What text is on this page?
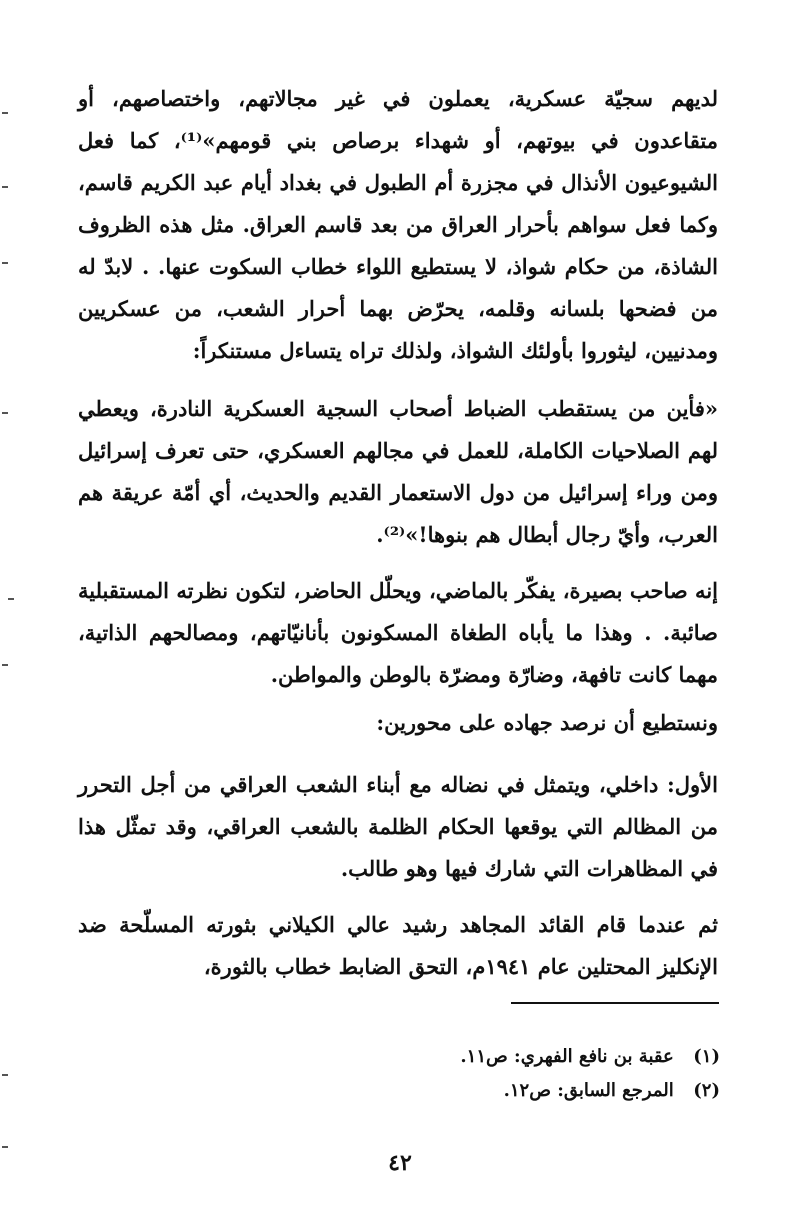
لديهم سجيّة عسكرية، يعملون في غير مجالاتهم، واختصاصهم، أو متقاعدون في بيوتهم، أو شهداء برصاص بني قومهم»⁽¹⁾، كما فعل الشيوعيون الأنذال في مجزرة أم الطبول في بغداد أيام عبد الكريم قاسم، وكما فعل سواهم بأحرار العراق من بعد قاسم العراق. مثل هذه الظروف الشاذة، من حكام شواذ، لا يستطيع اللواء خطاب السكوت عنها. . لابدّ له من فضحها بلسانه وقلمه، يحرّض بهما أحرار الشعب، من عسكريين ومدنيين، ليثوروا بأولئك الشواذ، ولذلك تراه يتساءل مستنكراً:

«فأين من يستقطب الضباط أصحاب السجية العسكرية النادرة، ويعطي لهم الصلاحيات الكاملة، للعمل في مجالهم العسكري، حتى تعرف إسرائيل ومن وراء إسرائيل من دول الاستعمار القديم والحديث، أي أمّة عريقة هم العرب، وأيّ رجال أبطال هم بنوها!»⁽²⁾.

إنه صاحب بصيرة، يفكّر بالماضي، ويحلّل الحاضر، لتكون نظرته المستقبلية صائبة. . وهذا ما يأباه الطغاة المسكونون بأنانيّاتهم، ومصالحهم الذاتية، مهما كانت تافهة، وضارّة ومضرّة بالوطن والمواطن.

ونستطيع أن نرصد جهاده على محورين:

الأول: داخلي، ويتمثل في نضاله مع أبناء الشعب العراقي من أجل التحرر من المظالم التي يوقعها الحكام الظلمة بالشعب العراقي، وقد تمثّل هذا في المظاهرات التي شارك فيها وهو طالب.

ثم عندما قام القائد المجاهد رشيد عالي الكيلاني بثورته المسلّحة ضد الإنكليز المحتلين عام ١٩٤١م، التحق الضابط خطاب بالثورة،

(١) عقبة بن نافع الفهري: ص١١.
(٢) المرجع السابق: ص١٢.
٤٢
